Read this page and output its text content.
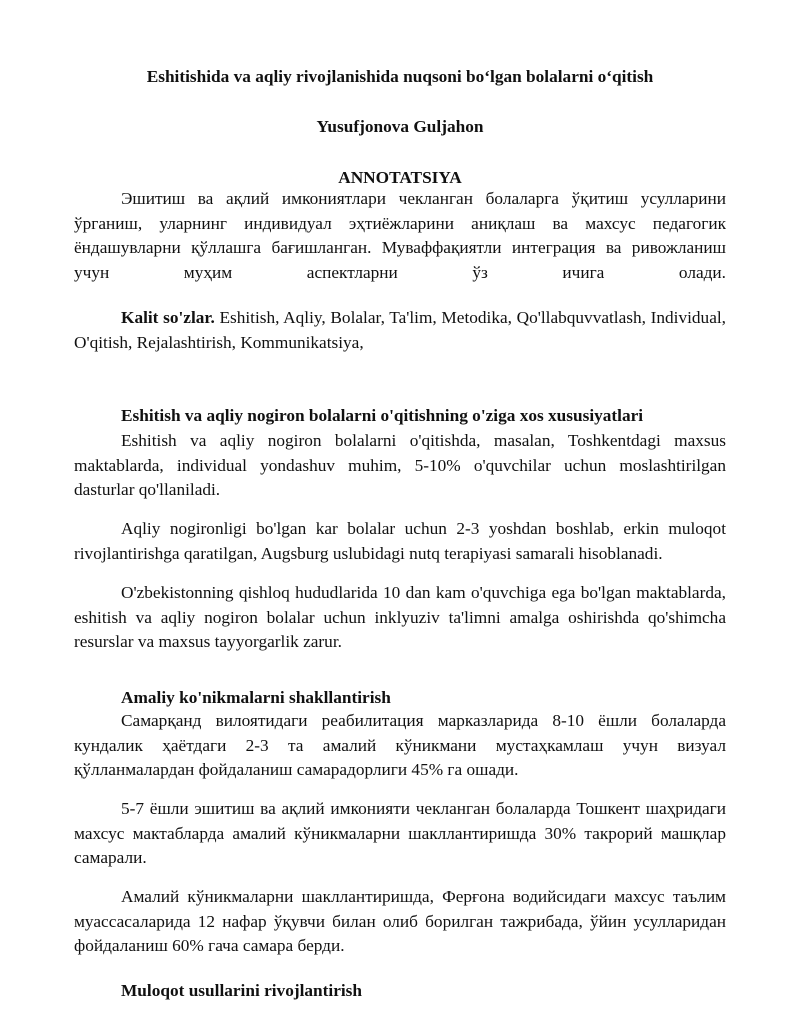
Eshitishida va aqliy rivojlanishida nuqsoni bo‘lgan bolalarni o‘qitish

Yusufjonova Guljahon

ANNOTATSIYA

Эшитиш ва ақлий имкониятлари чекланган болаларга ўқитиш усулларини ўрганиш, уларнинг индивидуал эҳтиёжларини аниқлаш ва махсус педагогик ёндашувларни қўллашга бағишланган. Муваффақиятли интеграция ва ривожланиш учун муҳим аспектларни ўз ичига олади.

Kalit so'zlar. Eshitish, Aqliy, Bolalar, Ta'lim, Metodika, Qo'llabquvvatlash, Individual, O'qitish, Rejalashtirish, Kommunikatsiya,

Eshitish va aqliy nogiron bolalarni o'qitishning o'ziga xos xususiyatlari

Eshitish va aqliy nogiron bolalarni o'qitishda, masalan, Toshkentdagi maxsus maktablarda, individual yondashuv muhim, 5-10% o'quvchilar uchun moslashtirilgan dasturlar qo'llaniladi.

Aqliy nogironligi bo'lgan kar bolalar uchun 2-3 yoshdan boshlab, erkin muloqot rivojlantirishga qaratilgan, Augsburg uslubidagi nutq terapiyasi samarali hisoblanadi.

O'zbekistonning qishloq hududlarida 10 dan kam o'quvchiga ega bo'lgan maktablarda, eshitish va aqliy nogiron bolalar uchun inklyuziv ta'limni amalga oshirishda qo'shimcha resurslar va maxsus tayyorgarlik zarur.

Amaliy ko'nikmalarni shakllantirish

Самарқанд вилоятидаги реабилитация марказларида 8-10 ёшли болаларда кундалик ҳаётдаги 2-3 та амалий кўникмани мустаҳкамлаш учун визуал қўлланмалардан фойдаланиш самарадорлиги 45% га ошади.

5-7 ёшли эшитиш ва ақлий имконияти чекланган болаларда Тошкент шаҳридаги махсус мактабларда амалий кўникмаларни шакллантиришда 30% такрорий машқлар самарали.

Амалий кўникмаларни шакллантиришда, Ферғона водийсидаги махсус таълим муассасаларида 12 нафар ўқувчи билан олиб борилган тажрибада, ўйин усулларидан фойдаланиш 60% гача самара берди.

Muloqot usullarini rivojlantirish
